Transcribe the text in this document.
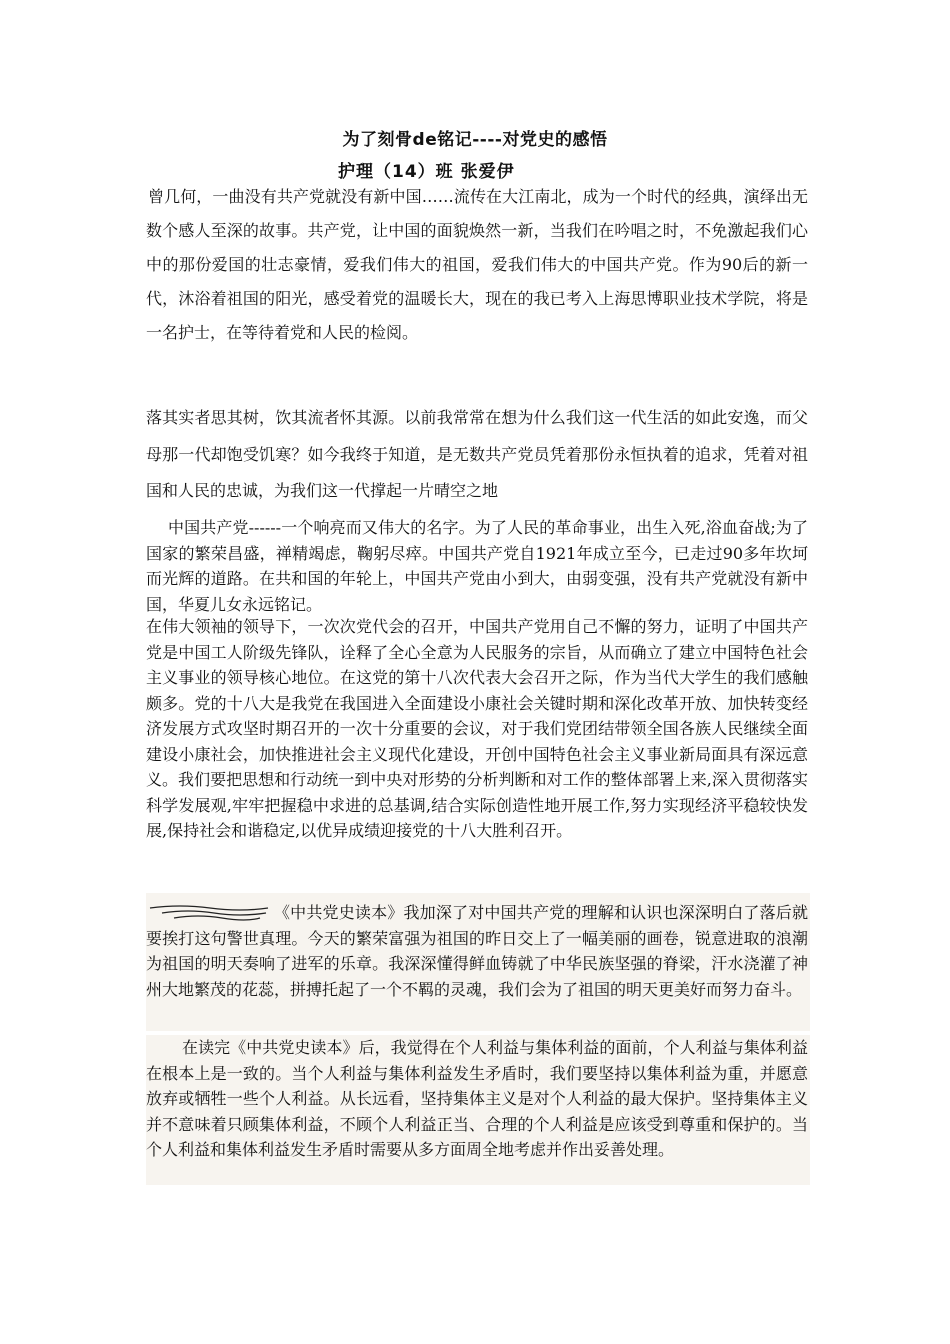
为了刻骨de铭记----对党史的感悟
护理（14）班 张爱伊

曾几何，一曲没有共产党就没有新中国……流传在大江南北，成为一个时代的经典，演绎出无数个感人至深的故事。共产党，让中国的面貌焕然一新，当我们在吟唱之时，不免激起我们心中的那份爱国的壮志豪情，爱我们伟大的祖国，爱我们伟大的中国共产党。作为90后的新一代，沐浴着祖国的阳光，感受着党的温暖长大，现在的我已考入上海思博职业技术学院，将是一名护士，在等待着党和人民的检阅。

落其实者思其树，饮其流者怀其源。以前我常常在想为什么我们这一代生活的如此安逸，而父母那一代却饱受饥寒？如今我终于知道，是无数共产党员凭着那份永恒执着的追求，凭着对祖国和人民的忠诚，为我们这一代撑起一片晴空之地

中国共产党------一个响亮而又伟大的名字。为了人民的革命事业，出生入死,浴血奋战;为了国家的繁荣昌盛，禅精竭虑，鞠躬尽瘁。中国共产党自1921年成立至今，已走过90多年坎坷而光辉的道路。在共和国的年轮上，中国共产党由小到大，由弱变强，没有共产党就没有新中国，华夏儿女永远铭记。

在伟大领袖的领导下，一次次党代会的召开，中国共产党用自己不懈的努力，证明了中国共产党是中国工人阶级先锋队，诠释了全心全意为人民服务的宗旨，从而确立了建立中国特色社会主义事业的领导核心地位。在这党的第十八次代表大会召开之际，作为当代大学生的我们感触颇多。党的十八大是我党在我国进入全面建设小康社会关键时期和深化改革开放、加快转变经济发展方式攻坚时期召开的一次十分重要的会议，对于我们党团结带领全国各族人民继续全面建设小康社会，加快推进社会主义现代化建设，开创中国特色社会主义事业新局面具有深远意义。我们要把思想和行动统一到中央对形势的分析判断和对工作的整体部署上来,深入贯彻落实科学发展观,牢牢把握稳中求进的总基调,结合实际创造性地开展工作,努力实现经济平稳较快发展,保持社会和谐稳定,以优异成绩迎接党的十八大胜利召开。

《中共党史读本》我加深了对中国共产党的理解和认识也深深明白了落后就要挨打这句警世真理。今天的繁荣富强为祖国的昨日交上了一幅美丽的画卷，锐意进取的浪潮为祖国的明天奏响了进军的乐章。我深深懂得鲜血铸就了中华民族坚强的脊梁，汗水浇灌了神州大地繁茂的花蕊，拼搏托起了一个不羁的灵魂，我们会为了祖国的明天更美好而努力奋斗。

在读完《中共党史读本》后，我觉得在个人利益与集体利益的面前，个人利益与集体利益在根本上是一致的。当个人利益与集体利益发生矛盾时，我们要坚持以集体利益为重，并愿意放弃或牺牲一些个人利益。从长远看，坚持集体主义是对个人利益的最大保护。坚持集体主义并不意味着只顾集体利益，不顾个人利益正当、合理的个人利益是应该受到尊重和保护的。当个人利益和集体利益发生矛盾时需要从多方面周全地考虑并作出妥善处理。
